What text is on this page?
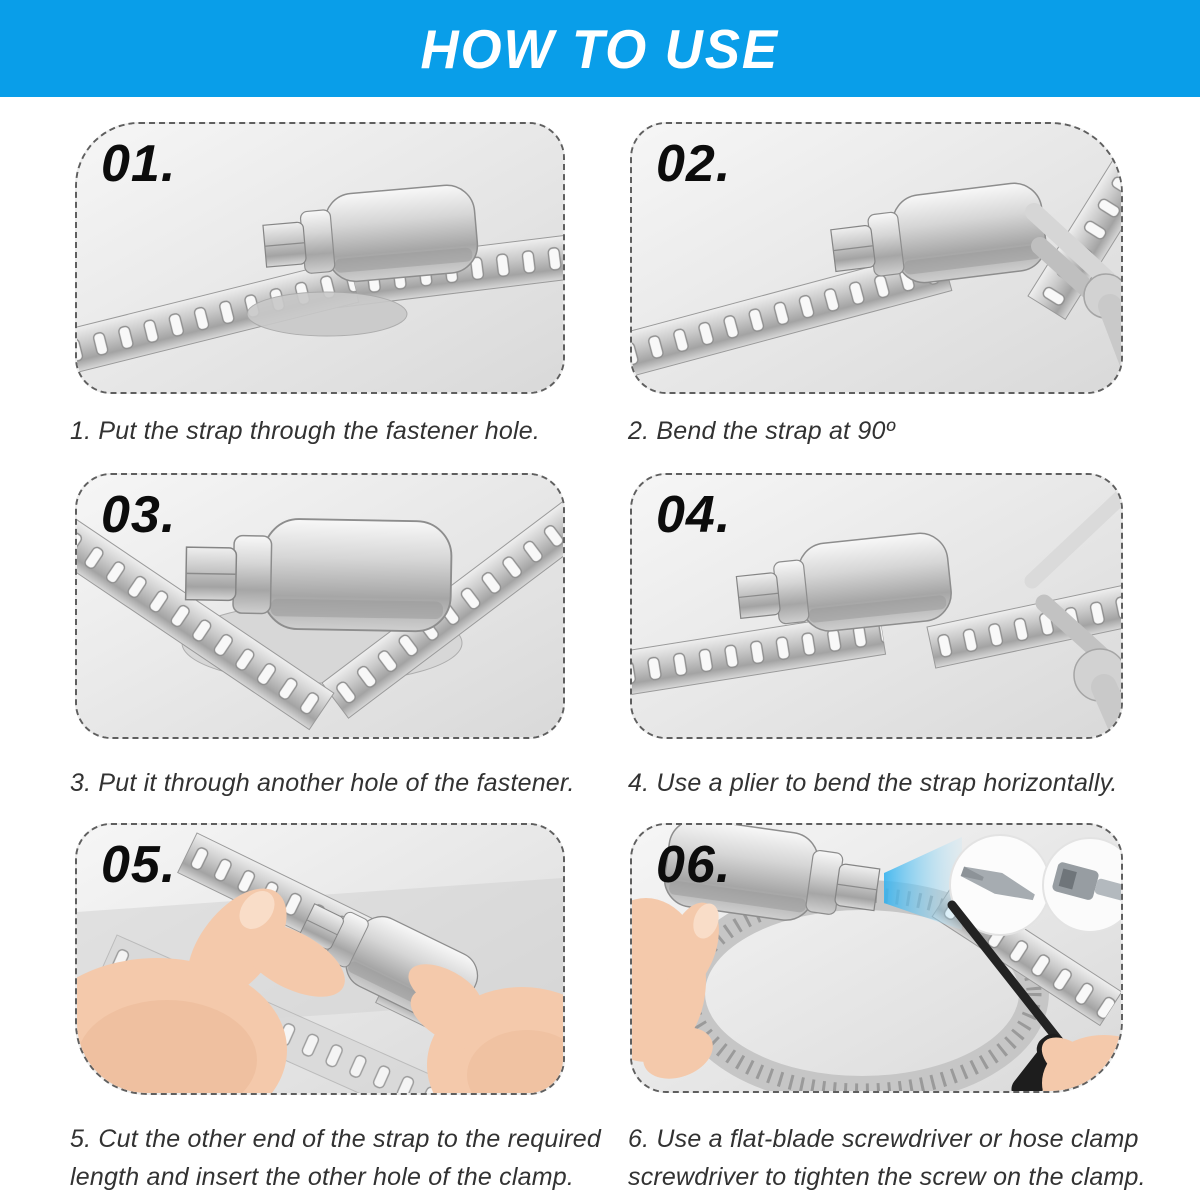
HOW TO USE
01.	02.
03.	04.
05.	06.

1. Put the strap through the fastener hole.	2. Bend the strap at 90º

3. Put it through another hole of the fastener.	4. Use a plier to bend the strap horizontally.

5. Cut the other end of the strap to the required length and insert the other hole of the clamp.

6. Use a flat-blade screwdriver or hose clamp screwdriver to tighten the screw on the clamp.
